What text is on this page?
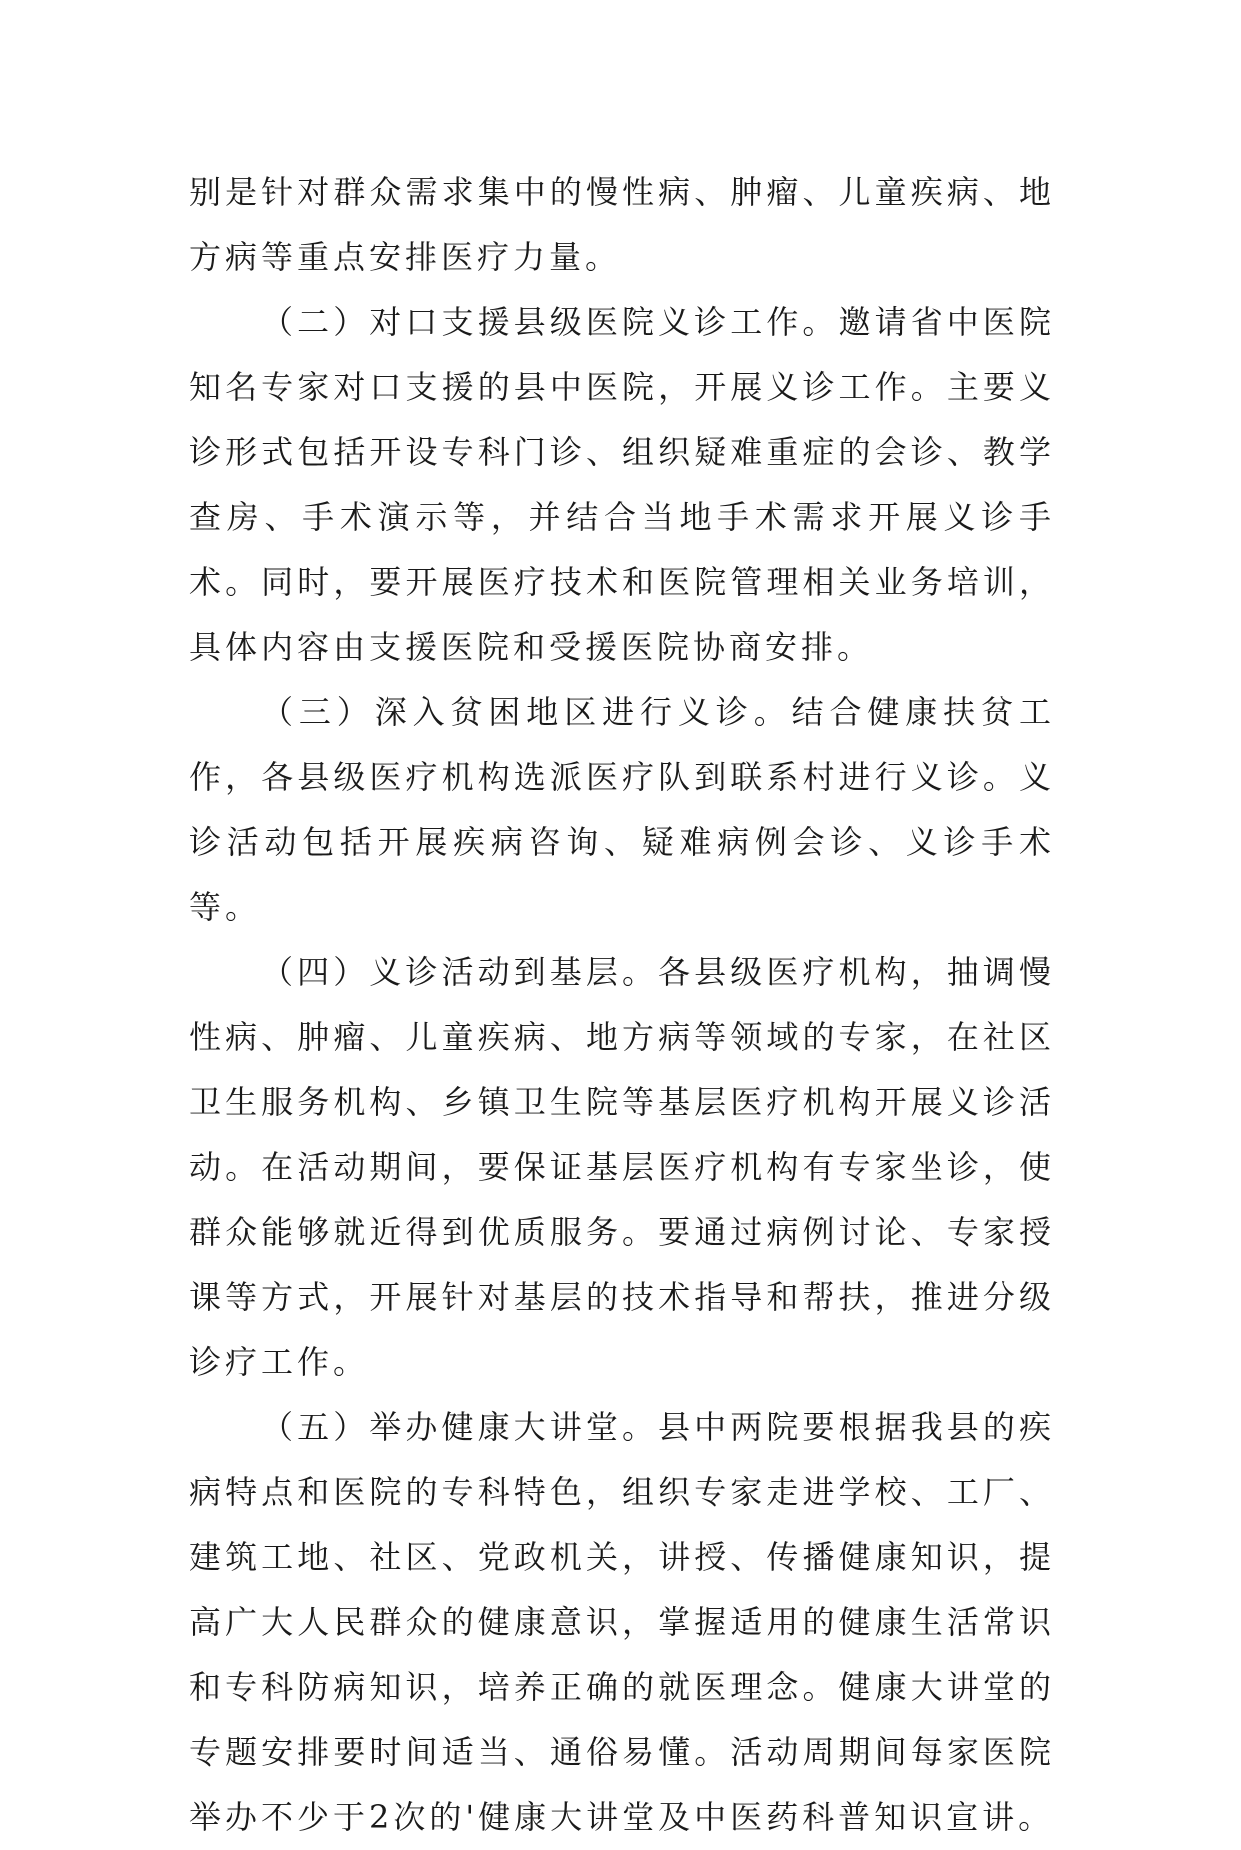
别是针对群众需求集中的慢性病、肿瘤、儿童疾病、地方病等重点安排医疗力量。

（二）对口支援县级医院义诊工作。邀请省中医院知名专家对口支援的县中医院，开展义诊工作。主要义诊形式包括开设专科门诊、组织疑难重症的会诊、教学查房、手术演示等，并结合当地手术需求开展义诊手术。同时，要开展医疗技术和医院管理相关业务培训，具体内容由支援医院和受援医院协商安排。

（三）深入贫困地区进行义诊。结合健康扶贫工作，各县级医疗机构选派医疗队到联系村进行义诊。义诊活动包括开展疾病咨询、疑难病例会诊、义诊手术等。

（四）义诊活动到基层。各县级医疗机构，抽调慢性病、肿瘤、儿童疾病、地方病等领域的专家，在社区卫生服务机构、乡镇卫生院等基层医疗机构开展义诊活动。在活动期间，要保证基层医疗机构有专家坐诊，使群众能够就近得到优质服务。要通过病例讨论、专家授课等方式，开展针对基层的技术指导和帮扶，推进分级诊疗工作。

（五）举办健康大讲堂。县中两院要根据我县的疾病特点和医院的专科特色，组织专家走进学校、工厂、建筑工地、社区、党政机关，讲授、传播健康知识，提高广大人民群众的健康意识，掌握适用的健康生活常识和专科防病知识，培养正确的就医理念。健康大讲堂的专题安排要时间适当、通俗易懂。活动周期间每家医院举办不少于2次的'健康大讲堂及中医药科普知识宣讲。
